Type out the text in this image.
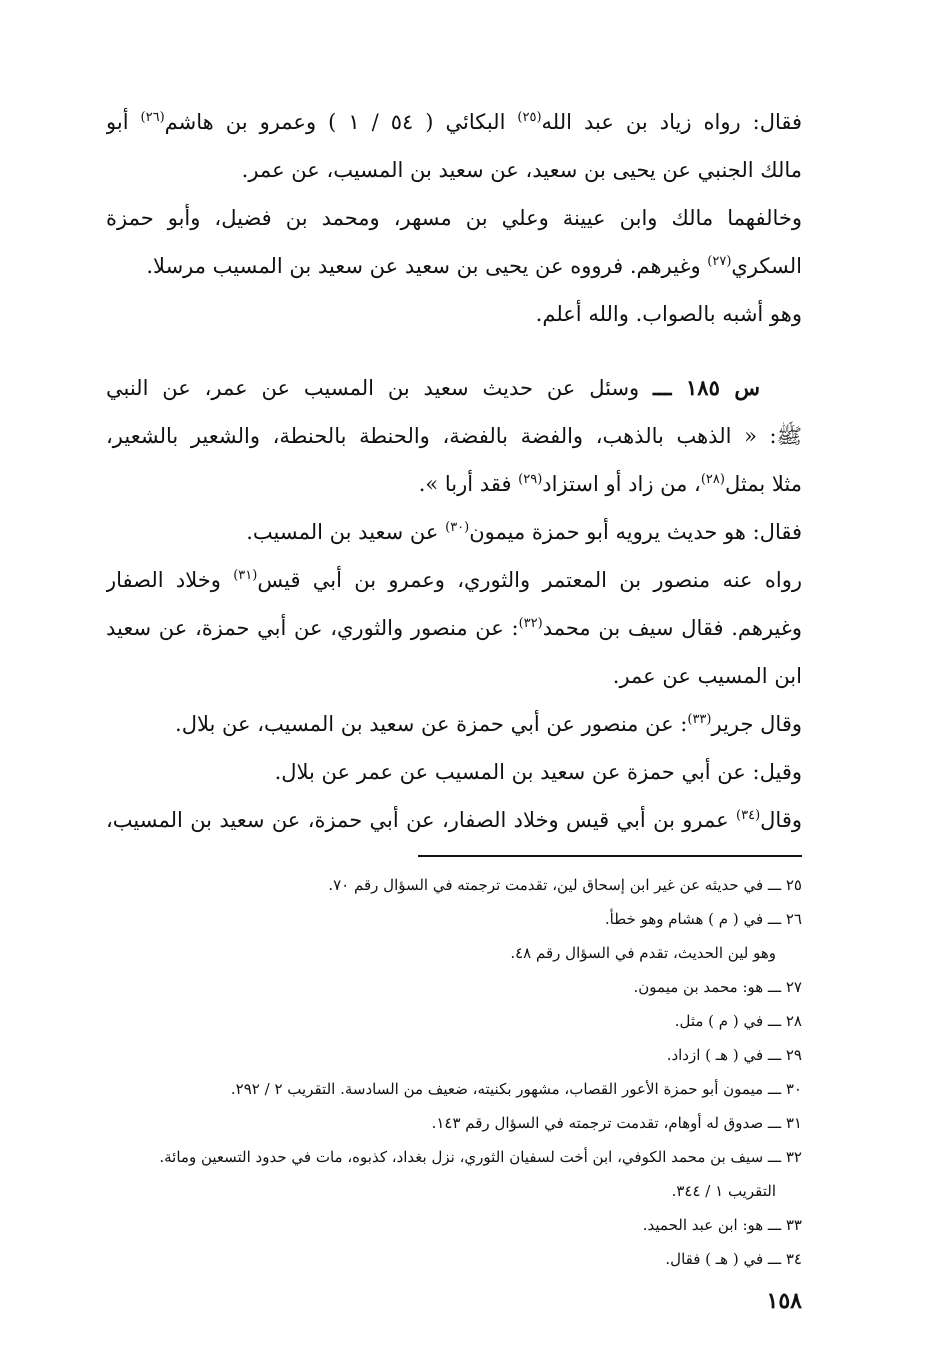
فقال: رواه زياد بن عبد الله$^{(٢٥)}$ البكائي ( ٥٤ / ١ ) وعمرو بن هاشم$^{(٢٦)}$ أبو
مالك الجنبي عن يحيى بن سعيد، عن سعيد بن المسيب، عن عمر.
وخالفهما مالك وابن عيينة وعلي بن مسهر، ومحمد بن فضيل، وأبو حمزة
السكري$^{(٢٧)}$ وغيرهم. فرووه عن يحيى بن سعيد عن سعيد بن المسيب مرسلا.
وهو أشبه بالصواب. والله أعلم.
س ١٨٥ ـــ وسئل عن حديث سعيد بن المسيب عن عمر، عن النبي
ﷺ: « الذهب بالذهب، والفضة بالفضة، والحنطة بالحنطة، والشعير بالشعير،
مثلا بمثل$^{(٢٨)}$، من زاد أو استزاد$^{(٢٩)}$ فقد أربا ».
فقال: هو حديث يرويه أبو حمزة ميمون$^{(٣٠)}$ عن سعيد بن المسيب.
رواه عنه منصور بن المعتمر والثوري، وعمرو بن أبي قيس$^{(٣١)}$ وخلاد الصفار
وغيرهم. فقال سيف بن محمد$^{(٣٢)}$: عن منصور والثوري، عن أبي حمزة، عن سعيد
ابن المسيب عن عمر.
وقال جرير$^{(٣٣)}$: عن منصور عن أبي حمزة عن سعيد بن المسيب، عن بلال.
وقيل: عن أبي حمزة عن سعيد بن المسيب عن عمر عن بلال.
وقال$^{(٣٤)}$ عمرو بن أبي قيس وخلاد الصفار، عن أبي حمزة، عن سعيد بن المسيب،
٢٥ ـــ في حديثه عن غير ابن إسحاق لين، تقدمت ترجمته في السؤال رقم ٧٠.
٢٦ ـــ في ( م ) هشام وهو خطأ.
وهو لين الحديث، تقدم في السؤال رقم ٤٨.
٢٧ ـــ هو: محمد بن ميمون.
٢٨ ـــ في ( م ) مثل.
٢٩ ـــ في ( هـ ) ازداد.
٣٠ ـــ ميمون أبو حمزة الأعور القصاب، مشهور بكنيته، ضعيف من السادسة. التقريب ٢ / ٢٩٢.
٣١ ـــ صدوق له أوهام، تقدمت ترجمته في السؤال رقم ١٤٣.
٣٢ ـــ سيف بن محمد الكوفي، ابن أخت لسفيان الثوري، نزل بغداد، كذبوه، مات في حدود التسعين ومائة.
التقريب ١ / ٣٤٤.
٣٣ ـــ هو: ابن عبد الحميد.
٣٤ ـــ في ( هـ ) فقال.
١٥٨
